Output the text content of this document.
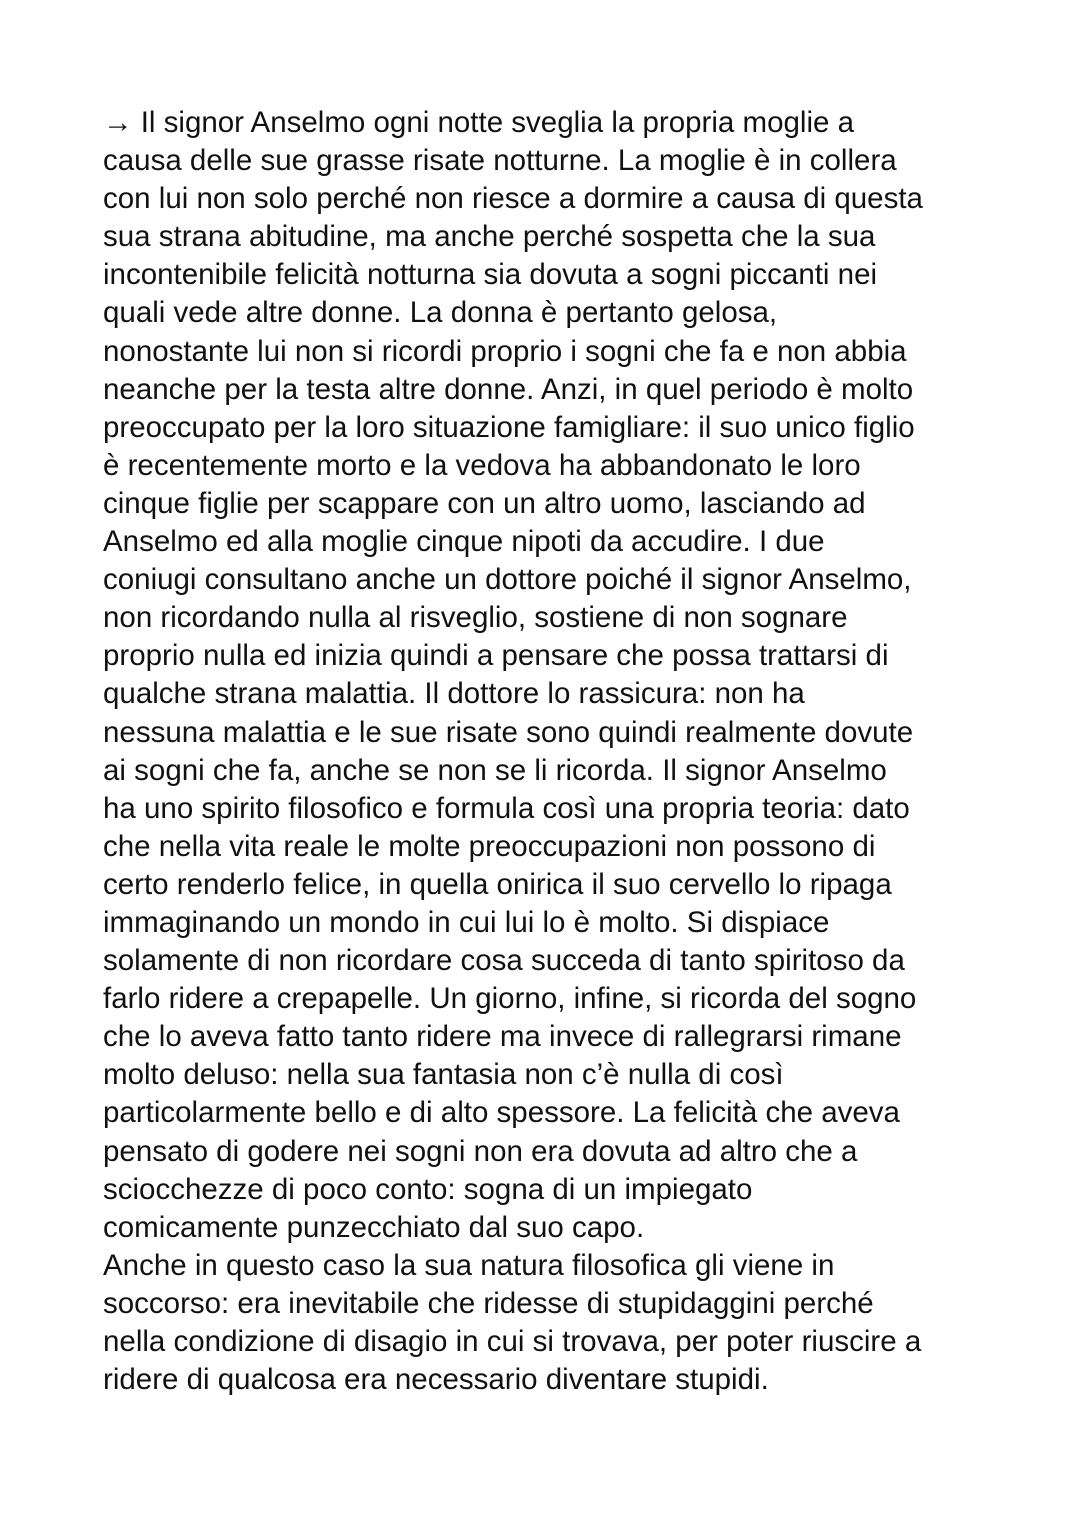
→ Il signor Anselmo ogni notte sveglia la propria moglie a
causa delle sue grasse risate notturne. La moglie è in collera
con lui non solo perché non riesce a dormire a causa di questa
sua strana abitudine, ma anche perché sospetta che la sua
incontenibile felicità notturna sia dovuta a sogni piccanti nei
quali vede altre donne. La donna è pertanto gelosa,
nonostante lui non si ricordi proprio i sogni che fa e non abbia
neanche per la testa altre donne. Anzi, in quel periodo è molto
preoccupato per la loro situazione famigliare: il suo unico figlio
è recentemente morto e la vedova ha abbandonato le loro
cinque figlie per scappare con un altro uomo, lasciando ad
Anselmo ed alla moglie cinque nipoti da accudire. I due
coniugi consultano anche un dottore poiché il signor Anselmo,
non ricordando nulla al risveglio, sostiene di non sognare
proprio nulla ed inizia quindi a pensare che possa trattarsi di
qualche strana malattia. Il dottore lo rassicura: non ha
nessuna malattia e le sue risate sono quindi realmente dovute
ai sogni che fa, anche se non se li ricorda. Il signor Anselmo
ha uno spirito filosofico e formula così una propria teoria: dato
che nella vita reale le molte preoccupazioni non possono di
certo renderlo felice, in quella onirica il suo cervello lo ripaga
immaginando un mondo in cui lui lo è molto. Si dispiace
solamente di non ricordare cosa succeda di tanto spiritoso da
farlo ridere a crepapelle. Un giorno, infine, si ricorda del sogno
che lo aveva fatto tanto ridere ma invece di rallegrarsi rimane
molto deluso: nella sua fantasia non c’è nulla di così
particolarmente bello e di alto spessore. La felicità che aveva
pensato di godere nei sogni non era dovuta ad altro che a
sciocchezze di poco conto: sogna di un impiegato
comicamente punzecchiato dal suo capo.
Anche in questo caso la sua natura filosofica gli viene in
soccorso: era inevitabile che ridesse di stupidaggini perché
nella condizione di disagio in cui si trovava, per poter riuscire a
ridere di qualcosa era necessario diventare stupidi.
